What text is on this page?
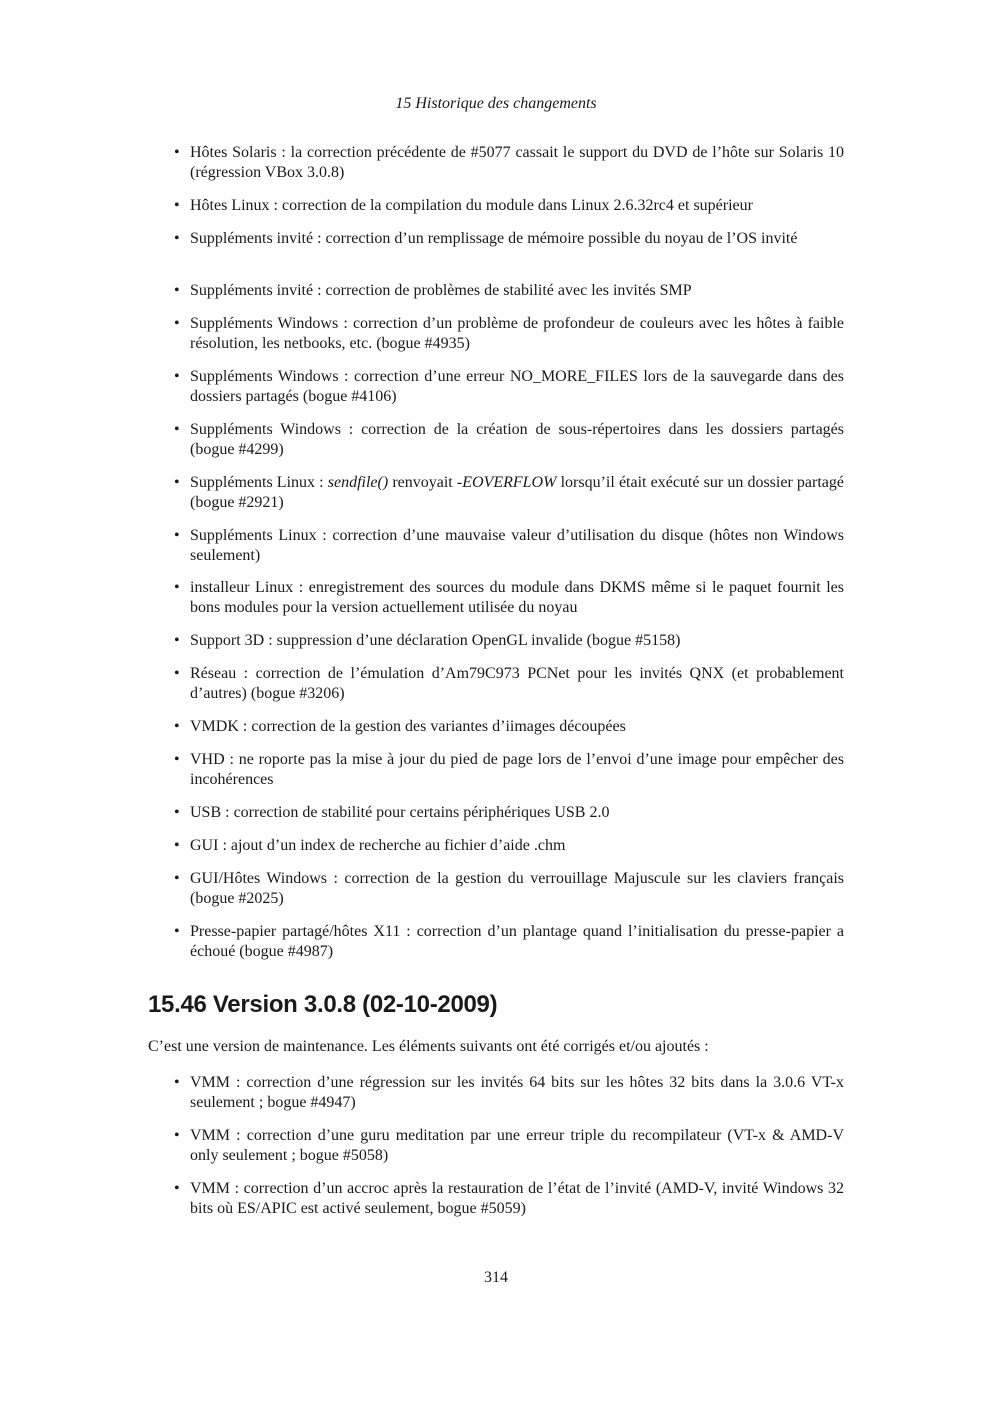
15 Historique des changements
• Hôtes Solaris : la correction précédente de #5077 cassait le support du DVD de l’hôte sur Solaris 10 (régression VBox 3.0.8)
• Hôtes Linux : correction de la compilation du module dans Linux 2.6.32rc4 et supérieur
• Suppléments invité : correction d’un remplissage de mémoire possible du noyau de l’OS invité
• Suppléments invité : correction de problèmes de stabilité avec les invités SMP
• Suppléments Windows : correction d’un problème de profondeur de couleurs avec les hôtes à faible résolution, les netbooks, etc. (bogue #4935)
• Suppléments Windows : correction d’une erreur NO_MORE_FILES lors de la sauvegarde dans des dossiers partagés (bogue #4106)
• Suppléments Windows : correction de la création de sous-répertoires dans les dossiers partagés (bogue #4299)
• Suppléments Linux : sendfile() renvoyait -EOVERFLOW lorsqu’il était exécuté sur un dossier partagé (bogue #2921)
• Suppléments Linux : correction d’une mauvaise valeur d’utilisation du disque (hôtes non Windows seulement)
• installeur Linux : enregistrement des sources du module dans DKMS même si le paquet fournit les bons modules pour la version actuellement utilisée du noyau
• Support 3D : suppression d’une déclaration OpenGL invalide (bogue #5158)
• Réseau : correction de l’émulation d’Am79C973 PCNet pour les invités QNX (et probablement d’autres) (bogue #3206)
• VMDK : correction de la gestion des variantes d’iimages découpées
• VHD : ne roporte pas la mise à jour du pied de page lors de l’envoi d’une image pour empêcher des incohérences
• USB : correction de stabilité pour certains périphériques USB 2.0
• GUI : ajout d’un index de recherche au fichier d’aide .chm
• GUI/Hôtes Windows : correction de la gestion du verrouillage Majuscule sur les claviers français (bogue #2025)
• Presse-papier partagé/hôtes X11 : correction d’un plantage quand l’initialisation du presse-papier a échoué (bogue #4987)
15.46 Version 3.0.8 (02-10-2009)

C’est une version de maintenance. Les éléments suivants ont été corrigés et/ou ajoutés :

• VMM : correction d’une régression sur les invités 64 bits sur les hôtes 32 bits dans la 3.0.6 VT-x seulement ; bogue #4947)
• VMM : correction d’une guru meditation par une erreur triple du recompilateur (VT-x & AMD-V only seulement ; bogue #5058)
• VMM : correction d’un accroc après la restauration de l’état de l’invité (AMD-V, invité Windows 32 bits où ES/APIC est activé seulement, bogue #5059)
314
